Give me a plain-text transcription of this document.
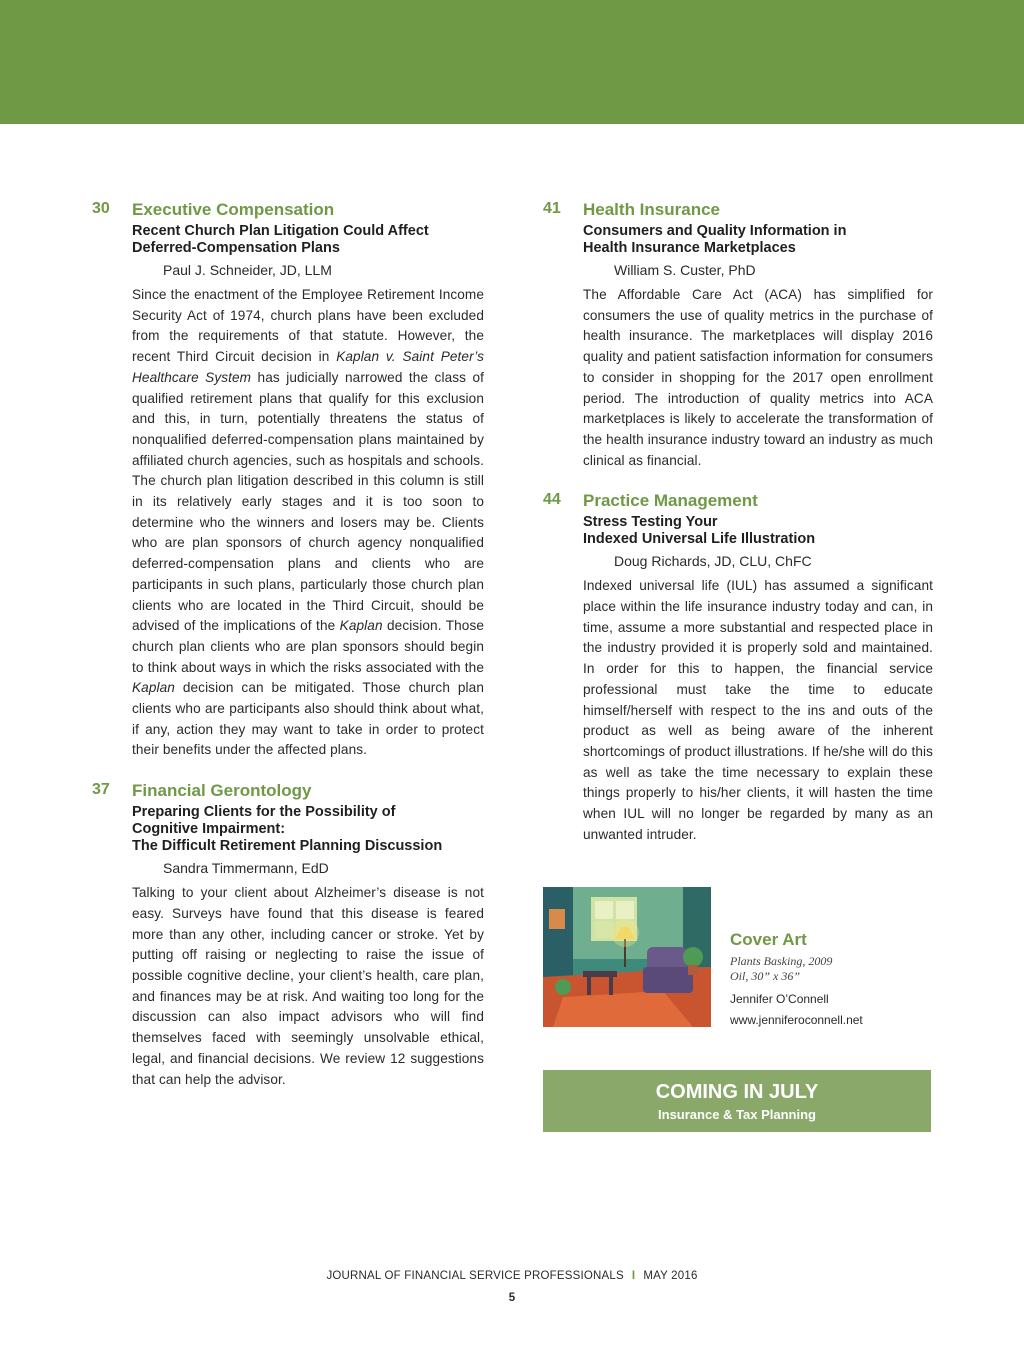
30 Executive Compensation
Recent Church Plan Litigation Could Affect
Deferred-Compensation Plans
Paul J. Schneider, JD, LLM

Since the enactment of the Employee Retirement Income Security Act of 1974, church plans have been excluded from the requirements of that statute. However, the recent Third Circuit decision in Kaplan v. Saint Peter’s Healthcare System has judicially narrowed the class of qualified retirement plans that qualify for this exclusion and this, in turn, potentially threatens the status of nonqualified deferred-compensation plans maintained by affiliated church agencies, such as hospitals and schools. The church plan litigation described in this column is still in its relatively early stages and it is too soon to determine who the winners and losers may be. Clients who are plan sponsors of church agency nonqualified deferred-compensation plans and clients who are participants in such plans, particularly those church plan clients who are located in the Third Circuit, should be advised of the implications of the Kaplan decision. Those church plan clients who are plan sponsors should begin to think about ways in which the risks associated with the Kaplan decision can be mitigated. Those church plan clients who are participants also should think about what, if any, action they may want to take in order to protect their benefits under the affected plans.

37 Financial Gerontology
Preparing Clients for the Possibility of
Cognitive Impairment:
The Difficult Retirement Planning Discussion
Sandra Timmermann, EdD

Talking to your client about Alzheimer’s disease is not easy. Surveys have found that this disease is feared more than any other, including cancer or stroke. Yet by putting off raising or neglecting to raise the issue of possible cognitive decline, your client’s health, care plan, and finances may be at risk. And waiting too long for the discussion can also impact advisors who will find themselves faced with seemingly unsolvable ethical, legal, and financial decisions. We review 12 suggestions that can help the advisor.

41 Health Insurance
Consumers and Quality Information in
Health Insurance Marketplaces
William S. Custer, PhD

The Affordable Care Act (ACA) has simplified for consumers the use of quality metrics in the purchase of health insurance. The marketplaces will display 2016 quality and patient satisfaction information for consumers to consider in shopping for the 2017 open enrollment period. The introduction of quality metrics into ACA marketplaces is likely to accelerate the transformation of the health insurance industry toward an industry as much clinical as financial.

44 Practice Management
Stress Testing Your
Indexed Universal Life Illustration
Doug Richards, JD, CLU, ChFC

Indexed universal life (IUL) has assumed a significant place within the life insurance industry today and can, in time, assume a more substantial and respected place in the industry provided it is properly sold and maintained. In order for this to happen, the financial service professional must take the time to educate himself/herself with respect to the ins and outs of the product as well as being aware of the inherent shortcomings of product illustrations. If he/she will do this as well as take the time necessary to explain these things properly to his/her clients, it will hasten the time when IUL will no longer be regarded by many as an unwanted intruder.

Cover Art
Plants Basking, 2009
Oil, 30” x 36”
Jennifer O’Connell
www.jenniferoconnell.net
COMING IN JULY
Insurance & Tax Planning
JOURNAL OF FINANCIAL SERVICE PROFESSIONALS I MAY 2016
5
